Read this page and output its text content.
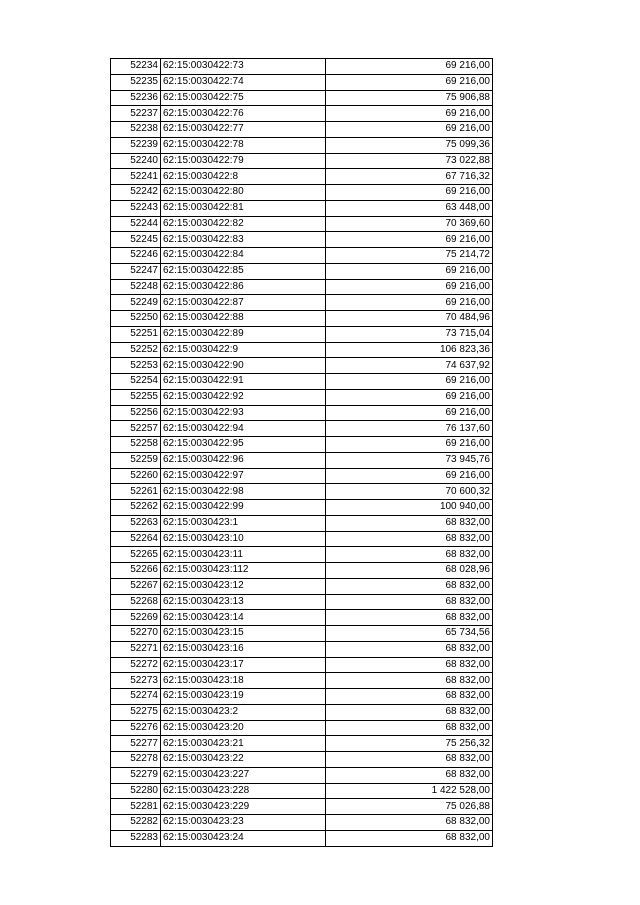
52234	62:15:0030422:73	69 216,00
52235	62:15:0030422:74	69 216,00
52236	62:15:0030422:75	75 906,88
52237	62:15:0030422:76	69 216,00
52238	62:15:0030422:77	69 216,00
52239	62:15:0030422:78	75 099,36
52240	62:15:0030422:79	73 022,88
52241	62:15:0030422:8	67 716,32
52242	62:15:0030422:80	69 216,00
52243	62:15:0030422:81	63 448,00
52244	62:15:0030422:82	70 369,60
52245	62:15:0030422:83	69 216,00
52246	62:15:0030422:84	75 214,72
52247	62:15:0030422:85	69 216,00
52248	62:15:0030422:86	69 216,00
52249	62:15:0030422:87	69 216,00
52250	62:15:0030422:88	70 484,96
52251	62:15:0030422:89	73 715,04
52252	62:15:0030422:9	106 823,36
52253	62:15:0030422:90	74 637,92
52254	62:15:0030422:91	69 216,00
52255	62:15:0030422:92	69 216,00
52256	62:15:0030422:93	69 216,00
52257	62:15:0030422:94	76 137,60
52258	62:15:0030422:95	69 216,00
52259	62:15:0030422:96	73 945,76
52260	62:15:0030422:97	69 216,00
52261	62:15:0030422:98	70 600,32
52262	62:15:0030422:99	100 940,00
52263	62:15:0030423:1	68 832,00
52264	62:15:0030423:10	68 832,00
52265	62:15:0030423:11	68 832,00
52266	62:15:0030423:112	68 028,96
52267	62:15:0030423:12	68 832,00
52268	62:15:0030423:13	68 832,00
52269	62:15:0030423:14	68 832,00
52270	62:15:0030423:15	65 734,56
52271	62:15:0030423:16	68 832,00
52272	62:15:0030423:17	68 832,00
52273	62:15:0030423:18	68 832,00
52274	62:15:0030423:19	68 832,00
52275	62:15:0030423:2	68 832,00
52276	62:15:0030423:20	68 832,00
52277	62:15:0030423:21	75 256,32
52278	62:15:0030423:22	68 832,00
52279	62:15:0030423:227	68 832,00
52280	62:15:0030423:228	1 422 528,00
52281	62:15:0030423:229	75 026,88
52282	62:15:0030423:23	68 832,00
52283	62:15:0030423:24	68 832,00
